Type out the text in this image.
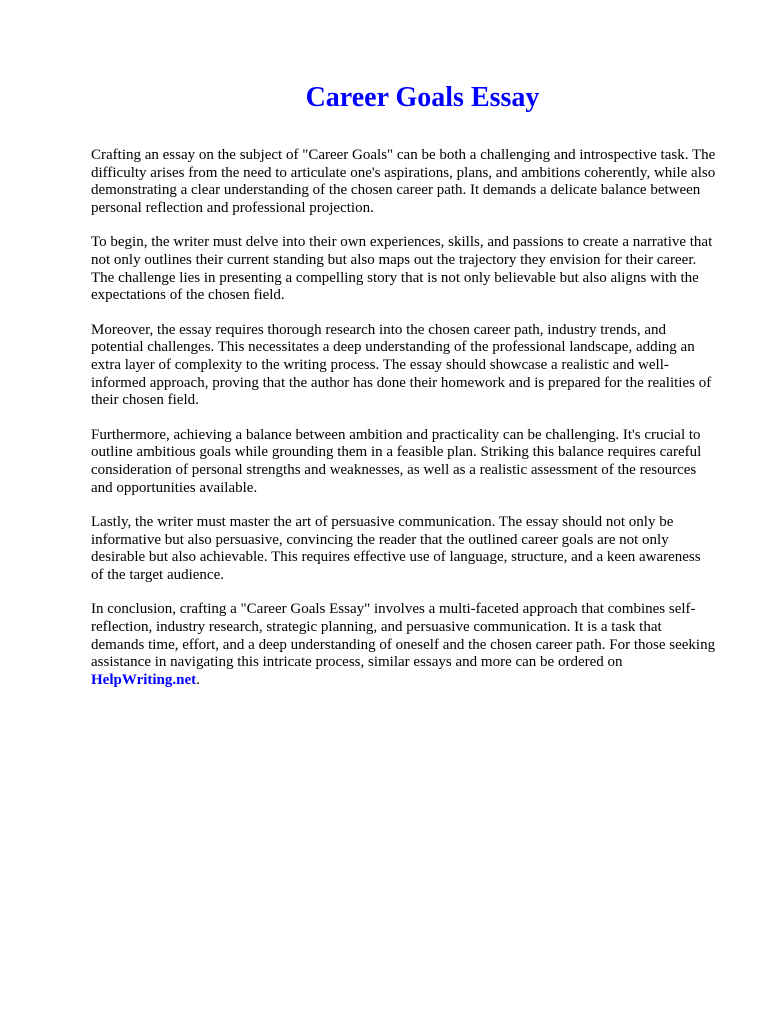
Career Goals Essay

Crafting an essay on the subject of "Career Goals" can be both a challenging and introspective task. The difficulty arises from the need to articulate one's aspirations, plans, and ambitions coherently, while also demonstrating a clear understanding of the chosen career path. It demands a delicate balance between personal reflection and professional projection.

To begin, the writer must delve into their own experiences, skills, and passions to create a narrative that not only outlines their current standing but also maps out the trajectory they envision for their career. The challenge lies in presenting a compelling story that is not only believable but also aligns with the expectations of the chosen field.

Moreover, the essay requires thorough research into the chosen career path, industry trends, and potential challenges. This necessitates a deep understanding of the professional landscape, adding an extra layer of complexity to the writing process. The essay should showcase a realistic and well-informed approach, proving that the author has done their homework and is prepared for the realities of their chosen field.

Furthermore, achieving a balance between ambition and practicality can be challenging. It's crucial to outline ambitious goals while grounding them in a feasible plan. Striking this balance requires careful consideration of personal strengths and weaknesses, as well as a realistic assessment of the resources and opportunities available.

Lastly, the writer must master the art of persuasive communication. The essay should not only be informative but also persuasive, convincing the reader that the outlined career goals are not only desirable but also achievable. This requires effective use of language, structure, and a keen awareness of the target audience.

In conclusion, crafting a "Career Goals Essay" involves a multi-faceted approach that combines self-reflection, industry research, strategic planning, and persuasive communication. It is a task that demands time, effort, and a deep understanding of oneself and the chosen career path. For those seeking assistance in navigating this intricate process, similar essays and more can be ordered on
HelpWriting.net.
